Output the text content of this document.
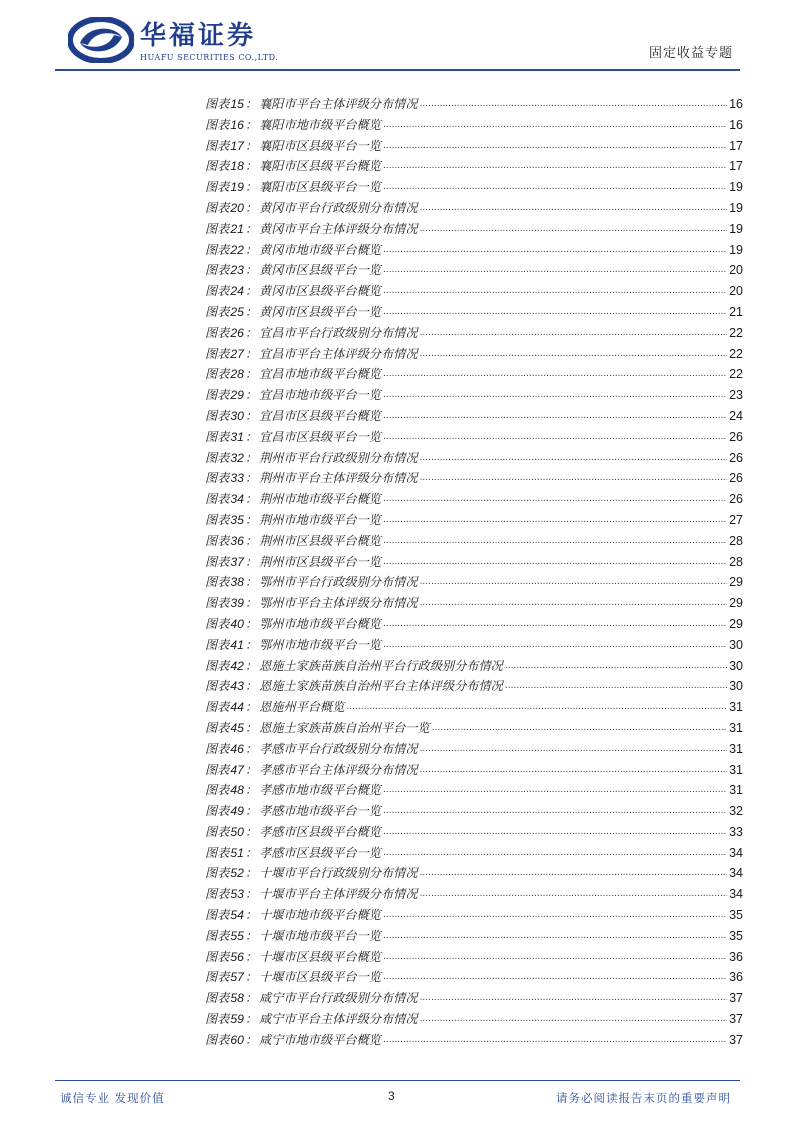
华福证券
HUAFU SECURITIES CO.,LTD.	固定收益专题
图表 15 ： 襄阳市平台主体评级分布情况 .....	16
图表 16 ： 襄阳市地市级平台概览 .....	16
图表 17 ： 襄阳市区县级平台一览 .....	17
图表 18 ： 襄阳市区县级平台概览 .....	17
图表 19 ： 襄阳市区县级平台一览 .....	19
图表 20 ： 黄冈市平台行政级别分布情况 .....	19
图表 21 ： 黄冈市平台主体评级分布情况 .....	19
图表 22 ： 黄冈市地市级平台概览 .....	19
图表 23 ： 黄冈市区县级平台一览 .....	20
图表 24 ： 黄冈市区县级平台概览 .....	20
图表 25 ： 黄冈市区县级平台一览 .....	21
图表 26 ： 宜昌市平台行政级别分布情况 .....	22
图表 27 ： 宜昌市平台主体评级分布情况 .....	22
图表 28 ： 宜昌市地市级平台概览 .....	22
图表 29 ： 宜昌市地市级平台一览 .....	23
图表 30 ： 宜昌市区县级平台概览 .....	24
图表 31 ： 宜昌市区县级平台一览 .....	26
图表 32 ： 荆州市平台行政级别分布情况 .....	26
图表 33 ： 荆州市平台主体评级分布情况 .....	26
图表 34 ： 荆州市地市级平台概览 .....	26
图表 35 ： 荆州市地市级平台一览 .....	27
图表 36 ： 荆州市区县级平台概览 .....	28
图表 37 ： 荆州市区县级平台一览 .....	28
图表 38 ： 鄂州市平台行政级别分布情况 .....	29
图表 39 ： 鄂州市平台主体评级分布情况 .....	29
图表 40 ： 鄂州市地市级平台概览 .....	29
图表 41 ： 鄂州市地市级平台一览 .....	30
图表 42 ： 恩施土家族苗族自治州平台行政级别分布情况 .....	30
图表 43 ： 恩施土家族苗族自治州平台主体评级分布情况 .....	30
图表 44 ： 恩施州平台概览 .....	31
图表 45 ： 恩施土家族苗族自治州平台一览 .....	31
图表 46 ： 孝感市平台行政级别分布情况 .....	31
图表 47 ： 孝感市平台主体评级分布情况 .....	31
图表 48 ： 孝感市地市级平台概览 .....	31
图表 49 ： 孝感市地市级平台一览 .....	32
图表 50 ： 孝感市区县级平台概览 .....	33
图表 51 ： 孝感市区县级平台一览 .....	34
图表 52 ： 十堰市平台行政级别分布情况 .....	34
图表 53 ： 十堰市平台主体评级分布情况 .....	34
图表 54 ： 十堰市地市级平台概览 .....	35
图表 55 ： 十堰市地市级平台一览 .....	35
图表 56 ： 十堰市区县级平台概览 .....	36
图表 57 ： 十堰市区县级平台一览 .....	36
图表 58 ： 咸宁市平台行政级别分布情况 .....	37
图表 59 ： 咸宁市平台主体评级分布情况 .....	37
图表 60 ： 咸宁市地市级平台概览 .....	37
诚信专业 发现价值	3	请务必阅读报告末页的重要声明
